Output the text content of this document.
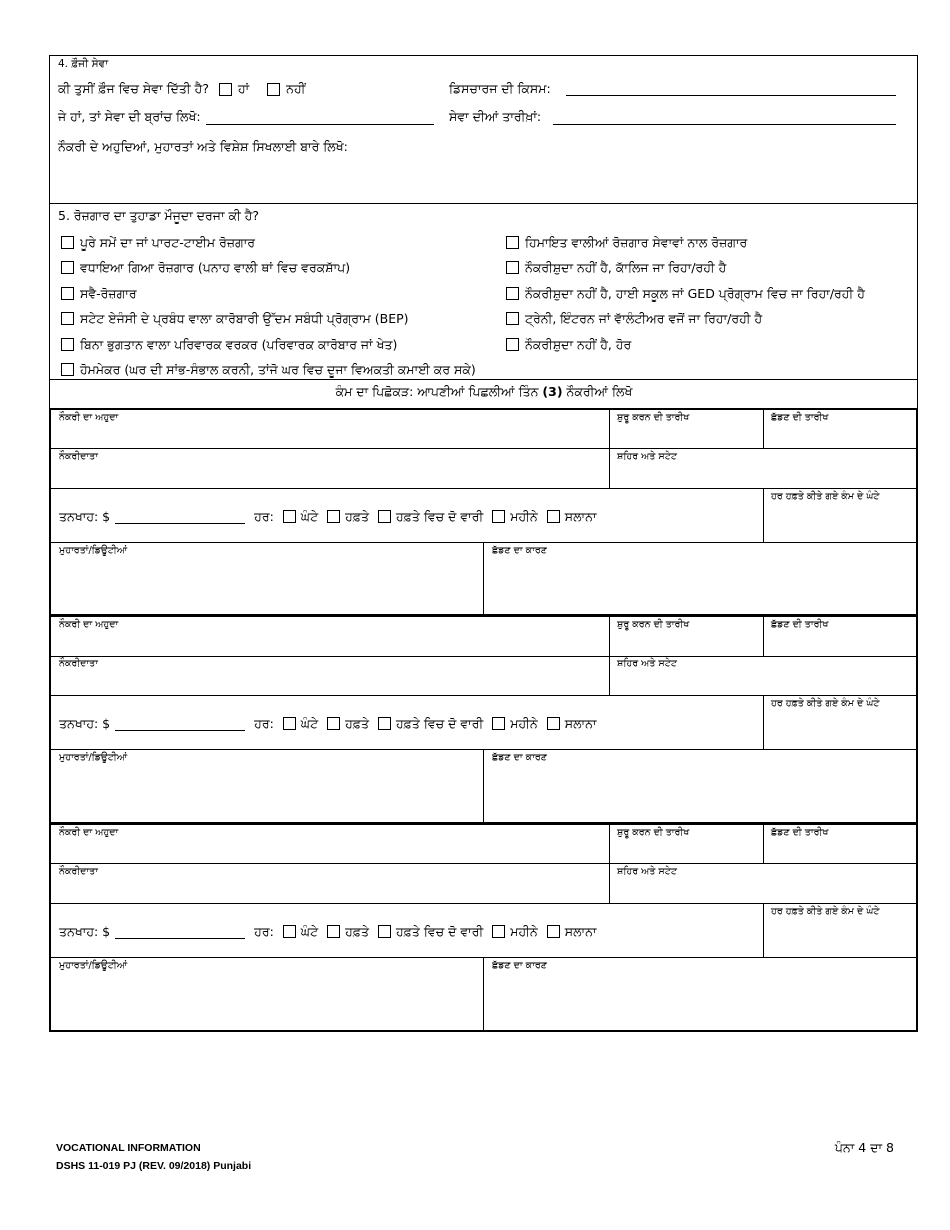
4. ਫ਼ੌਜੀ ਸੇਵਾ
ਕੀ ਤੁਸੀਂ ਫ਼ੌਜ ਵਿਚ ਸੇਵਾ ਦਿੱਤੀ ਹੈ? ਹਾਂ	ਨਹੀਂ	ਡਿਸਚਾਰਜ ਦੀ ਕਿਸਮ:
ਜੇ ਹਾਂ, ਤਾਂ ਸੇਵਾ ਦੀ ਬ੍ਰਾਂਚ ਲਿਖੋ:	ਸੇਵਾ ਦੀਆਂ ਤਾਰੀਖ਼ਾਂ:
ਨੌਕਰੀ ਦੇ ਅਹੁਦਿਆਂ, ਮੁਹਾਰਤਾਂ ਅਤੇ ਵਿਸ਼ੇਸ਼ ਸਿਖਲਾਈ ਬਾਰੇ ਲਿਖੋ:
5. ਰੋਜ਼ਗਾਰ ਦਾ ਤੁਹਾਡਾ ਮੌਜੂਦਾ ਦਰਜਾ ਕੀ ਹੈ?
ਪੂਰੇ ਸਮੇਂ ਦਾ ਜਾਂ ਪਾਰਟ-ਟਾਈਮ ਰੋਜ਼ਗਾਰ
ਵਧਾਇਆ ਗਿਆ ਰੋਜ਼ਗਾਰ (ਪਨਾਹ ਵਾਲੀ ਥਾਂ ਵਿਚ ਵਰਕਸ਼ਾੱਪ)
ਸਵੈ-ਰੋਜ਼ਗਾਰ
ਸਟੇਟ ਏਜੰਸੀ ਦੇ ਪ੍ਰਬੰਧ ਵਾਲਾ ਕਾਰੋਬਾਰੀ ਉੱਦਮ ਸਬੰਧੀ ਪ੍ਰੋਗ੍ਰਾਮ (BEP)
ਬਿਨਾ ਭੁਗਤਾਨ ਵਾਲਾ ਪਰਿਵਾਰਕ ਵਰਕਰ (ਪਰਿਵਾਰਕ ਕਾਰੋਬਾਰ ਜਾਂ ਖੇਤ)
ਹੋਮਮੇਕਰ (ਘਰ ਦੀ ਸਾਂਭ-ਸੰਭਾਲ ਕਰਨੀ, ਤਾਂਜੋ ਘਰ ਵਿਚ ਦੂਜਾ ਵਿਅਕਤੀ ਕਮਾਈ ਕਰ ਸਕੇ)
ਹਿਮਾਇਤ ਵਾਲੀਆਂ ਰੋਜ਼ਗਾਰ ਸੇਵਾਵਾਂ ਨਾਲ ਰੋਜ਼ਗਾਰ
ਨੌਕਰੀਸ਼ੁਦਾ ਨਹੀਂ ਹੈ, ਕਾੱਲਿਜ ਜਾ ਰਿਹਾ/ਰਹੀ ਹੈ
ਨੌਕਰੀਸ਼ੁਦਾ ਨਹੀਂ ਹੈ, ਹਾਈ ਸਕੂਲ ਜਾਂ GED ਪ੍ਰੋਗ੍ਰਾਮ ਵਿਚ ਜਾ ਰਿਹਾ/ਰਹੀ ਹੈ
ਟ੍ਰੇਨੀ, ਇੰਟਰਨ ਜਾਂ ਵਾੱਲੰਟੀਅਰ ਵਜੋਂ ਜਾ ਰਿਹਾ/ਰਹੀ ਹੈ
ਨੌਕਰੀਸ਼ੁਦਾ ਨਹੀਂ ਹੈ, ਹੋਰ
ਕੰਮ ਦਾ ਪਿਛੋਕੜ: ਆਪਣੀਆਂ ਪਿਛਲੀਆਂ ਤਿੰਨ (3) ਨੌਕਰੀਆਂ ਲਿਖੋ
ਨੌਕਰੀ ਦਾ ਅਹੁਦਾ	ਸ਼ੁਰੂ ਕਰਨ ਦੀ ਤਾਰੀਖ	ਛੱਡਣ ਦੀ ਤਾਰੀਖ
ਨੌਕਰੀਦਾਤਾ	ਸ਼ਹਿਰ ਅਤੇ ਸਟੇਟ
ਹਰ ਹਫ਼ਤੇ ਕੀਤੇ ਗਏ ਕੰਮ ਦੇ ਘੰਟੇ
ਤਨਖਾਹ: $	ਹਰ: ਘੰਟੇ ਹਫ਼ਤੇ ਹਫ਼ਤੇ ਵਿਚ ਦੋ ਵਾਰੀ ਮਹੀਨੇ ਸਲਾਨਾ
ਮੁਹਾਰਤਾਂ/ਡਿਊਟੀਆਂ	ਛੱਡਣ ਦਾ ਕਾਰਣ
ਨੌਕਰੀ ਦਾ ਅਹੁਦਾ	ਸ਼ੁਰੂ ਕਰਨ ਦੀ ਤਾਰੀਖ	ਛੱਡਣ ਦੀ ਤਾਰੀਖ
ਨੌਕਰੀਦਾਤਾ	ਸ਼ਹਿਰ ਅਤੇ ਸਟੇਟ
ਹਰ ਹਫ਼ਤੇ ਕੀਤੇ ਗਏ ਕੰਮ ਦੇ ਘੰਟੇ
ਤਨਖਾਹ: $	ਹਰ: ਘੰਟੇ ਹਫ਼ਤੇ ਹਫ਼ਤੇ ਵਿਚ ਦੋ ਵਾਰੀ ਮਹੀਨੇ ਸਲਾਨਾ
ਮੁਹਾਰਤਾਂ/ਡਿਊਟੀਆਂ	ਛੱਡਣ ਦਾ ਕਾਰਣ
ਨੌਕਰੀ ਦਾ ਅਹੁਦਾ	ਸ਼ੁਰੂ ਕਰਨ ਦੀ ਤਾਰੀਖ	ਛੱਡਣ ਦੀ ਤਾਰੀਖ
ਨੌਕਰੀਦਾਤਾ	ਸ਼ਹਿਰ ਅਤੇ ਸਟੇਟ
ਹਰ ਹਫ਼ਤੇ ਕੀਤੇ ਗਏ ਕੰਮ ਦੇ ਘੰਟੇ
ਤਨਖਾਹ: $	ਹਰ: ਘੰਟੇ ਹਫ਼ਤੇ ਹਫ਼ਤੇ ਵਿਚ ਦੋ ਵਾਰੀ ਮਹੀਨੇ ਸਲਾਨਾ
ਮੁਹਾਰਤਾਂ/ਡਿਊਟੀਆਂ	ਛੱਡਣ ਦਾ ਕਾਰਣ
VOCATIONAL INFORMATION
DSHS 11-019 PJ (REV. 09/2018) Punjabi
ਪੰਨਾ 4 ਦਾ 8
